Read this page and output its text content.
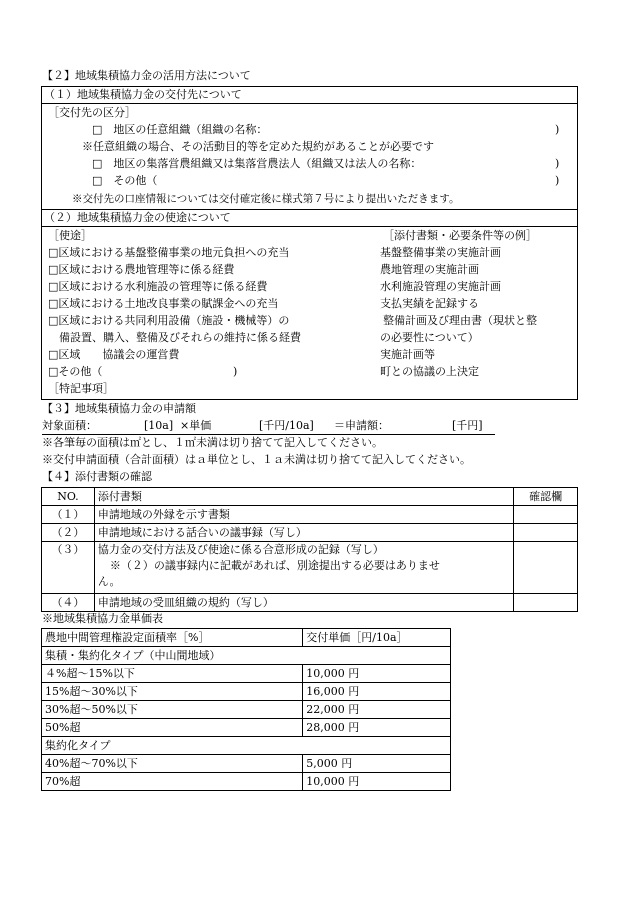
【２】地域集積協力金の活用方法について
（１）地域集積協力金の交付先について
［交付先の区分］
□　地区の任意組織（組織の名称：	)
※任意組織の場合、その活動目的等を定めた規約があることが必要です
□　地区の集落営農組織又は集落営農法人（組織又は法人の名称：	)
□　その他（	)
※交付先の口座情報については交付確定後に様式第７号により提出いただきます。
（２）地域集積協力金の使途について
［使途］	［添付書類・必要条件等の例］
□区域における基盤整備事業の地元負担への充当	基盤整備事業の実施計画
□区域における農地管理等に係る経費	農地管理の実施計画
□区域における水利施設の管理等に係る経費	水利施設管理の実施計画
□区域における土地改良事業の賦課金への充当	支払実績を記録する
□区域における共同利用設備（施設・機械等）の	整備計画及び理由書（現状と整
備設置、購入、整備及びそれらの維持に係る経費	の必要性について）
□区域　　協議会の運営費	実施計画等
□その他（	)	町との協議の上決定
［特記事項］
【３】地域集積協力金の申請額
対象面積：	[10a] ×単価	[千円/10a] ＝申請額：	[千円]
※各筆毎の面積は㎡とし、１㎡未満は切り捨てて記入してください。
※交付申請面積（合計面積）はａ単位とし、１ａ未満は切り捨てて記入してください。
【４】添付書類の確認
NO.	添付書類	確認欄
（１）	申請地域の外縁を示す書類	
（２）	申請地域における話合いの議事録（写し）	
（３）	協力金の交付方法及び使途に係る合意形成の記録（写し）
※（２）の議事録内に記載があれば、別途提出する必要はありませ
ん。	

（４）	申請地域の受皿組織の規約（写し）	
※地域集積協力金単価表
農地中間管理権設定面積率［%］	交付単価［円/10a］
集積・集約化タイプ（中山間地域）	
４%超～15%以下	10,000 円
15%超～30%以下	16,000 円
30%超～50%以下	22,000 円
50%超	28,000 円
集約化タイプ	
40%超～70%以下	5,000 円
70%超	10,000 円
